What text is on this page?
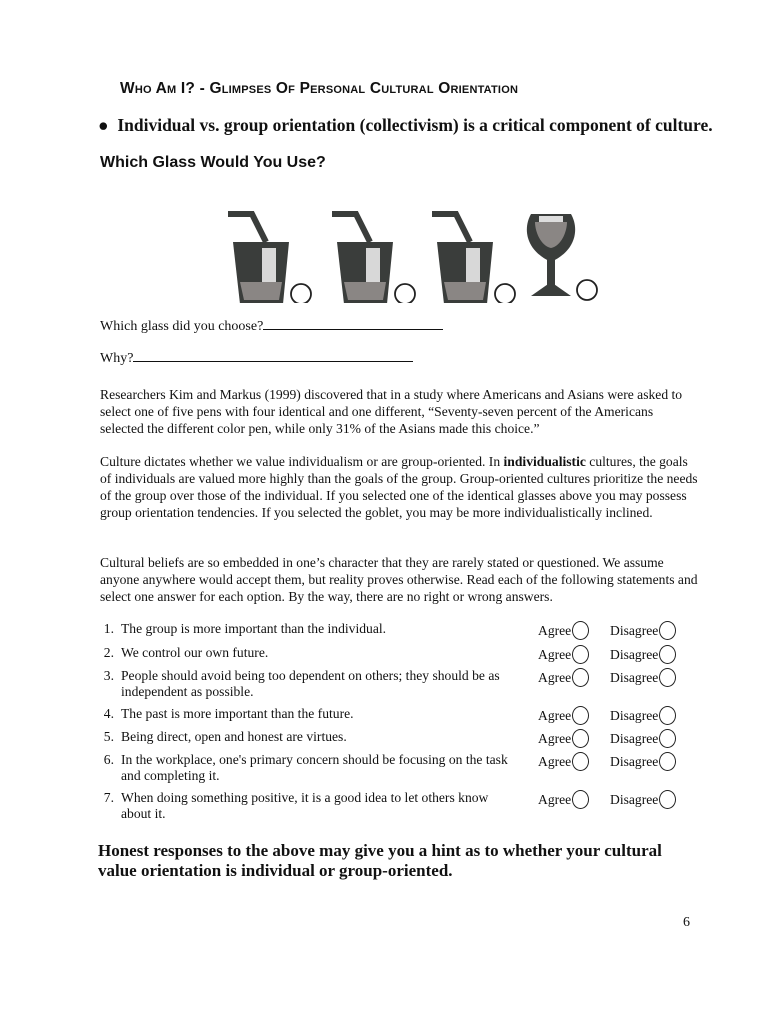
Who Am I? - Glimpses Of Personal Cultural Orientation
● Individual vs. group orientation (collectivism) is a critical component of culture.
Which Glass Would You Use?
Which glass did you choose?
Why?
Researchers Kim and Markus (1999) discovered that in a study where Americans and Asians were asked to select one of five pens with four identical and one different, “Seventy-seven percent of the Americans selected the different color pen, while only 31% of the Asians made this choice.”
Culture dictates whether we value individualism or are group-oriented. In individualistic cultures, the goals of individuals are valued more highly than the goals of the group. Group-oriented cultures prioritize the needs of the group over those of the individual. If you selected one of the identical glasses above you may possess group orientation tendencies. If you selected the goblet, you may be more individualistically inclined.
Cultural beliefs are so embedded in one’s character that they are rarely stated or questioned. We assume anyone anywhere would accept them, but reality proves otherwise. Read each of the following statements and select one answer for each option. By the way, there are no right or wrong answers.
1. The group is more important than the individual.	Agree	Disagree
2. We control our own future.	Agree	Disagree
3. People should avoid being too dependent on others; they should be as independent as possible.
Agree	Disagree
4. The past is more important than the future.	Agree	Disagree
5. Being direct, open and honest are virtues.	Agree	Disagree
6. In the workplace, one's primary concern should be focusing on the task and completing it.
Agree	Disagree
7. When doing something positive, it is a good idea to let others know about it.
Agree	Disagree
Honest responses to the above may give you a hint as to whether your cultural value orientation is individual or group-oriented.
6
